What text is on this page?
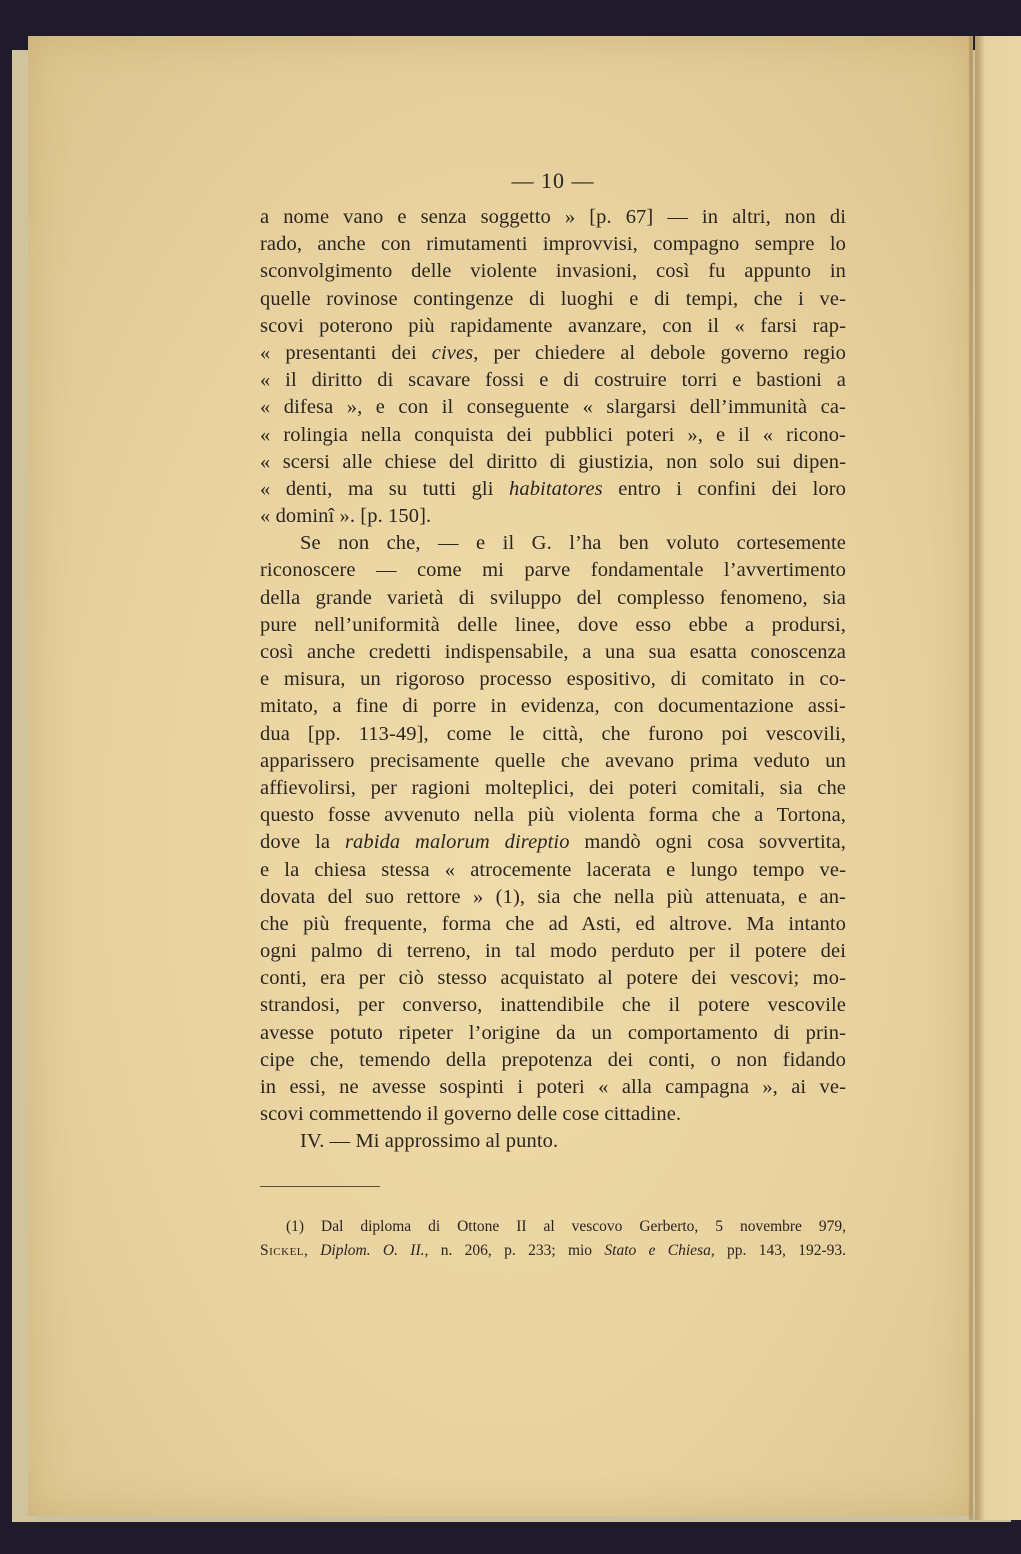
— 10 —
a nome vano e senza soggetto » [p. 67] — in altri, non di
rado, anche con rimutamenti improvvisi, compagno sempre lo
sconvolgimento delle violente invasioni, così fu appunto in
quelle rovinose contingenze di luoghi e di tempi, che i ve-
scovi poterono più rapidamente avanzare, con il « farsi rap-
« presentanti dei cives, per chiedere al debole governo regio
« il diritto di scavare fossi e di costruire torri e bastioni a
« difesa », e con il conseguente « slargarsi dell’immunità ca-
« rolingia nella conquista dei pubblici poteri », e il « ricono-
« scersi alle chiese del diritto di giustizia, non solo sui dipen-
« denti, ma su tutti gli habitatores entro i confini dei loro
« dominî ». [p. 150].
Se non che, — e il G. l’ha ben voluto cortesemente
riconoscere — come mi parve fondamentale l’avvertimento
della grande varietà di sviluppo del complesso fenomeno, sia
pure nell’uniformità delle linee, dove esso ebbe a prodursi,
così anche credetti indispensabile, a una sua esatta conoscenza
e misura, un rigoroso processo espositivo, di comitato in co-
mitato, a fine di porre in evidenza, con documentazione assi-
dua [pp. 113-49], come le città, che furono poi vescovili,
apparissero precisamente quelle che avevano prima veduto un
affievolirsi, per ragioni molteplici, dei poteri comitali, sia che
questo fosse avvenuto nella più violenta forma che a Tortona,
dove la rabida malorum direptio mandò ogni cosa sovvertita,
e la chiesa stessa « atrocemente lacerata e lungo tempo ve-
dovata del suo rettore » (1), sia che nella più attenuata, e an-
che più frequente, forma che ad Asti, ed altrove. Ma intanto
ogni palmo di terreno, in tal modo perduto per il potere dei
conti, era per ciò stesso acquistato al potere dei vescovi; mo-
strandosi, per converso, inattendibile che il potere vescovile
avesse potuto ripeter l’origine da un comportamento di prin-
cipe che, temendo della prepotenza dei conti, o non fidando
in essi, ne avesse sospinti i poteri « alla campagna », ai ve-
scovi commettendo il governo delle cose cittadine.
IV. — Mi approssimo al punto.
(1) Dal diploma di Ottone II al vescovo Gerberto, 5 novembre 979,
Sickel, Diplom. O. II., n. 206, p. 233; mio Stato e Chiesa, pp. 143, 192-93.
